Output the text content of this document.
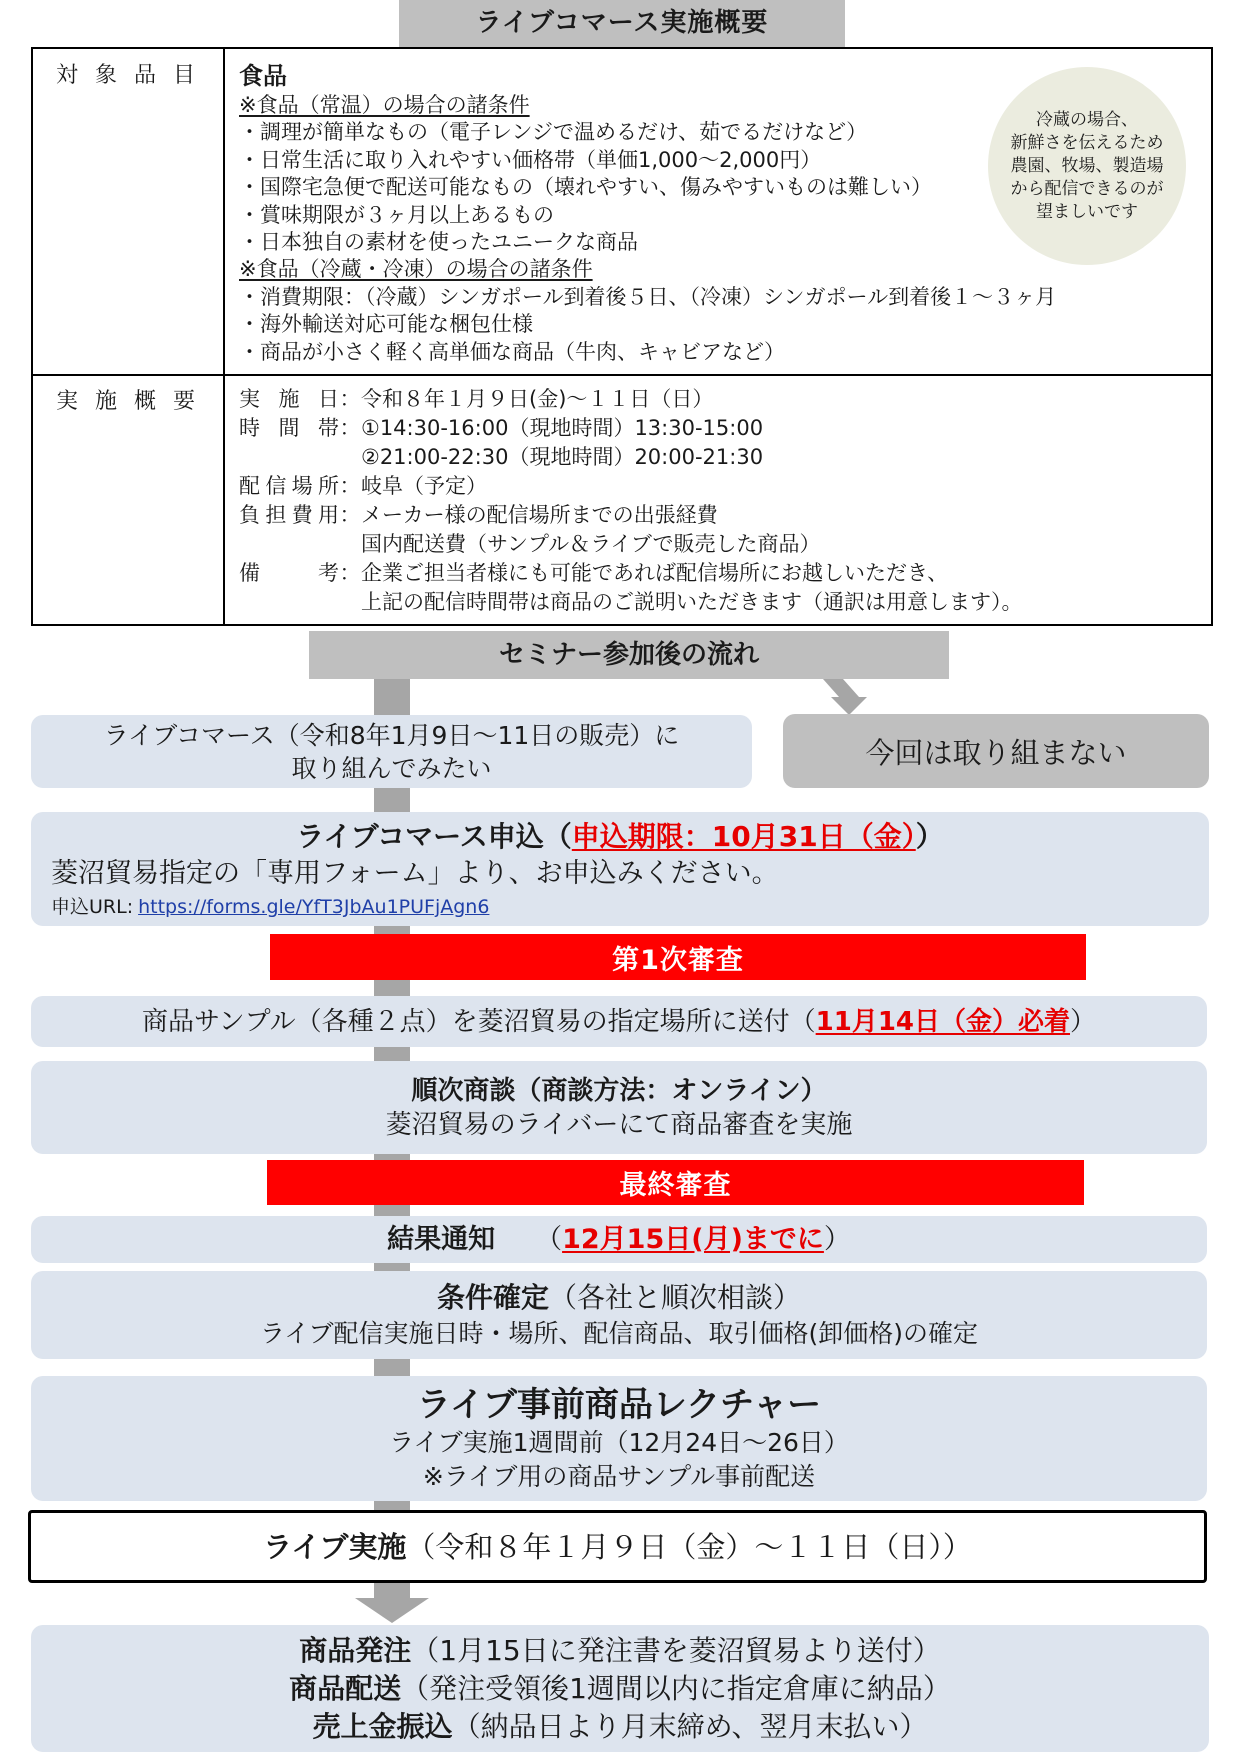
ライブコマース実施概要
対 象 品 目	食品
※食品（常温）の場合の諸条件
・調理が簡単なもの（電子レンジで温めるだけ、茹でるだけなど）
・日常生活に取り入れやすい価格帯（単価1,000～2,000円）
・国際宅急便で配送可能なもの（壊れやすい、傷みやすいものは難しい）
・賞味期限が３ヶ月以上あるもの
・日本独自の素材を使ったユニークな商品
※食品（冷蔵・冷凍）の場合の諸条件
・消費期限：（冷蔵）シンガポール到着後５日、（冷凍）シンガポール到着後１～３ヶ月
・海外輸送対応可能な梱包仕様
・商品が小さく軽く高単価な商品（牛肉、キャビアなど）
冷蔵の場合、
新鮮さを伝えるため
農園、牧場、製造場
から配信できるのが
望ましいです
実 施 概 要	実 施 日：令和８年１月９日(金)～１１日（日）
時 間 帯：①14:30-16:00（現地時間）13:30-15:00
②21:00-22:30（現地時間）20:00-21:30
配信場所：岐阜（予定）
負担費用：メーカー様の配信場所までの出張経費
国内配送費（サンプル＆ライブで販売した商品）
備　　考：企業ご担当者様にも可能であれば配信場所にお越しいただき、
上記の配信時間帯は商品のご説明いただきます（通訳は用意します）。
セミナー参加後の流れ
ライブコマース（令和8年1月9日～11日の販売）に
取り組んでみたい	今回は取り組まない
ライブコマース申込（申込期限：10月31日（金））
菱沼貿易指定の「専用フォーム」より、お申込みください。
申込URL: https://forms.gle/YfT3JbAu1PUFjAgn6
第1次審査
商品サンプル（各種２点）を菱沼貿易の指定場所に送付（11月14日（金）必着）
順次商談（商談方法：オンライン）
菱沼貿易のライバーにて商品審査を実施
最終審査
結果通知 （12月15日(月)までに）
条件確定（各社と順次相談）
ライブ配信実施日時・場所、配信商品、取引価格(卸価格)の確定
ライブ事前商品レクチャー
ライブ実施1週間前（12月24日～26日）
※ライブ用の商品サンプル事前配送
ライブ実施（令和８年１月９日（金）～１１日（日））
商品発注（1月15日に発注書を菱沼貿易より送付）
商品配送（発注受領後1週間以内に指定倉庫に納品）
売上金振込（納品日より月末締め、翌月末払い）
